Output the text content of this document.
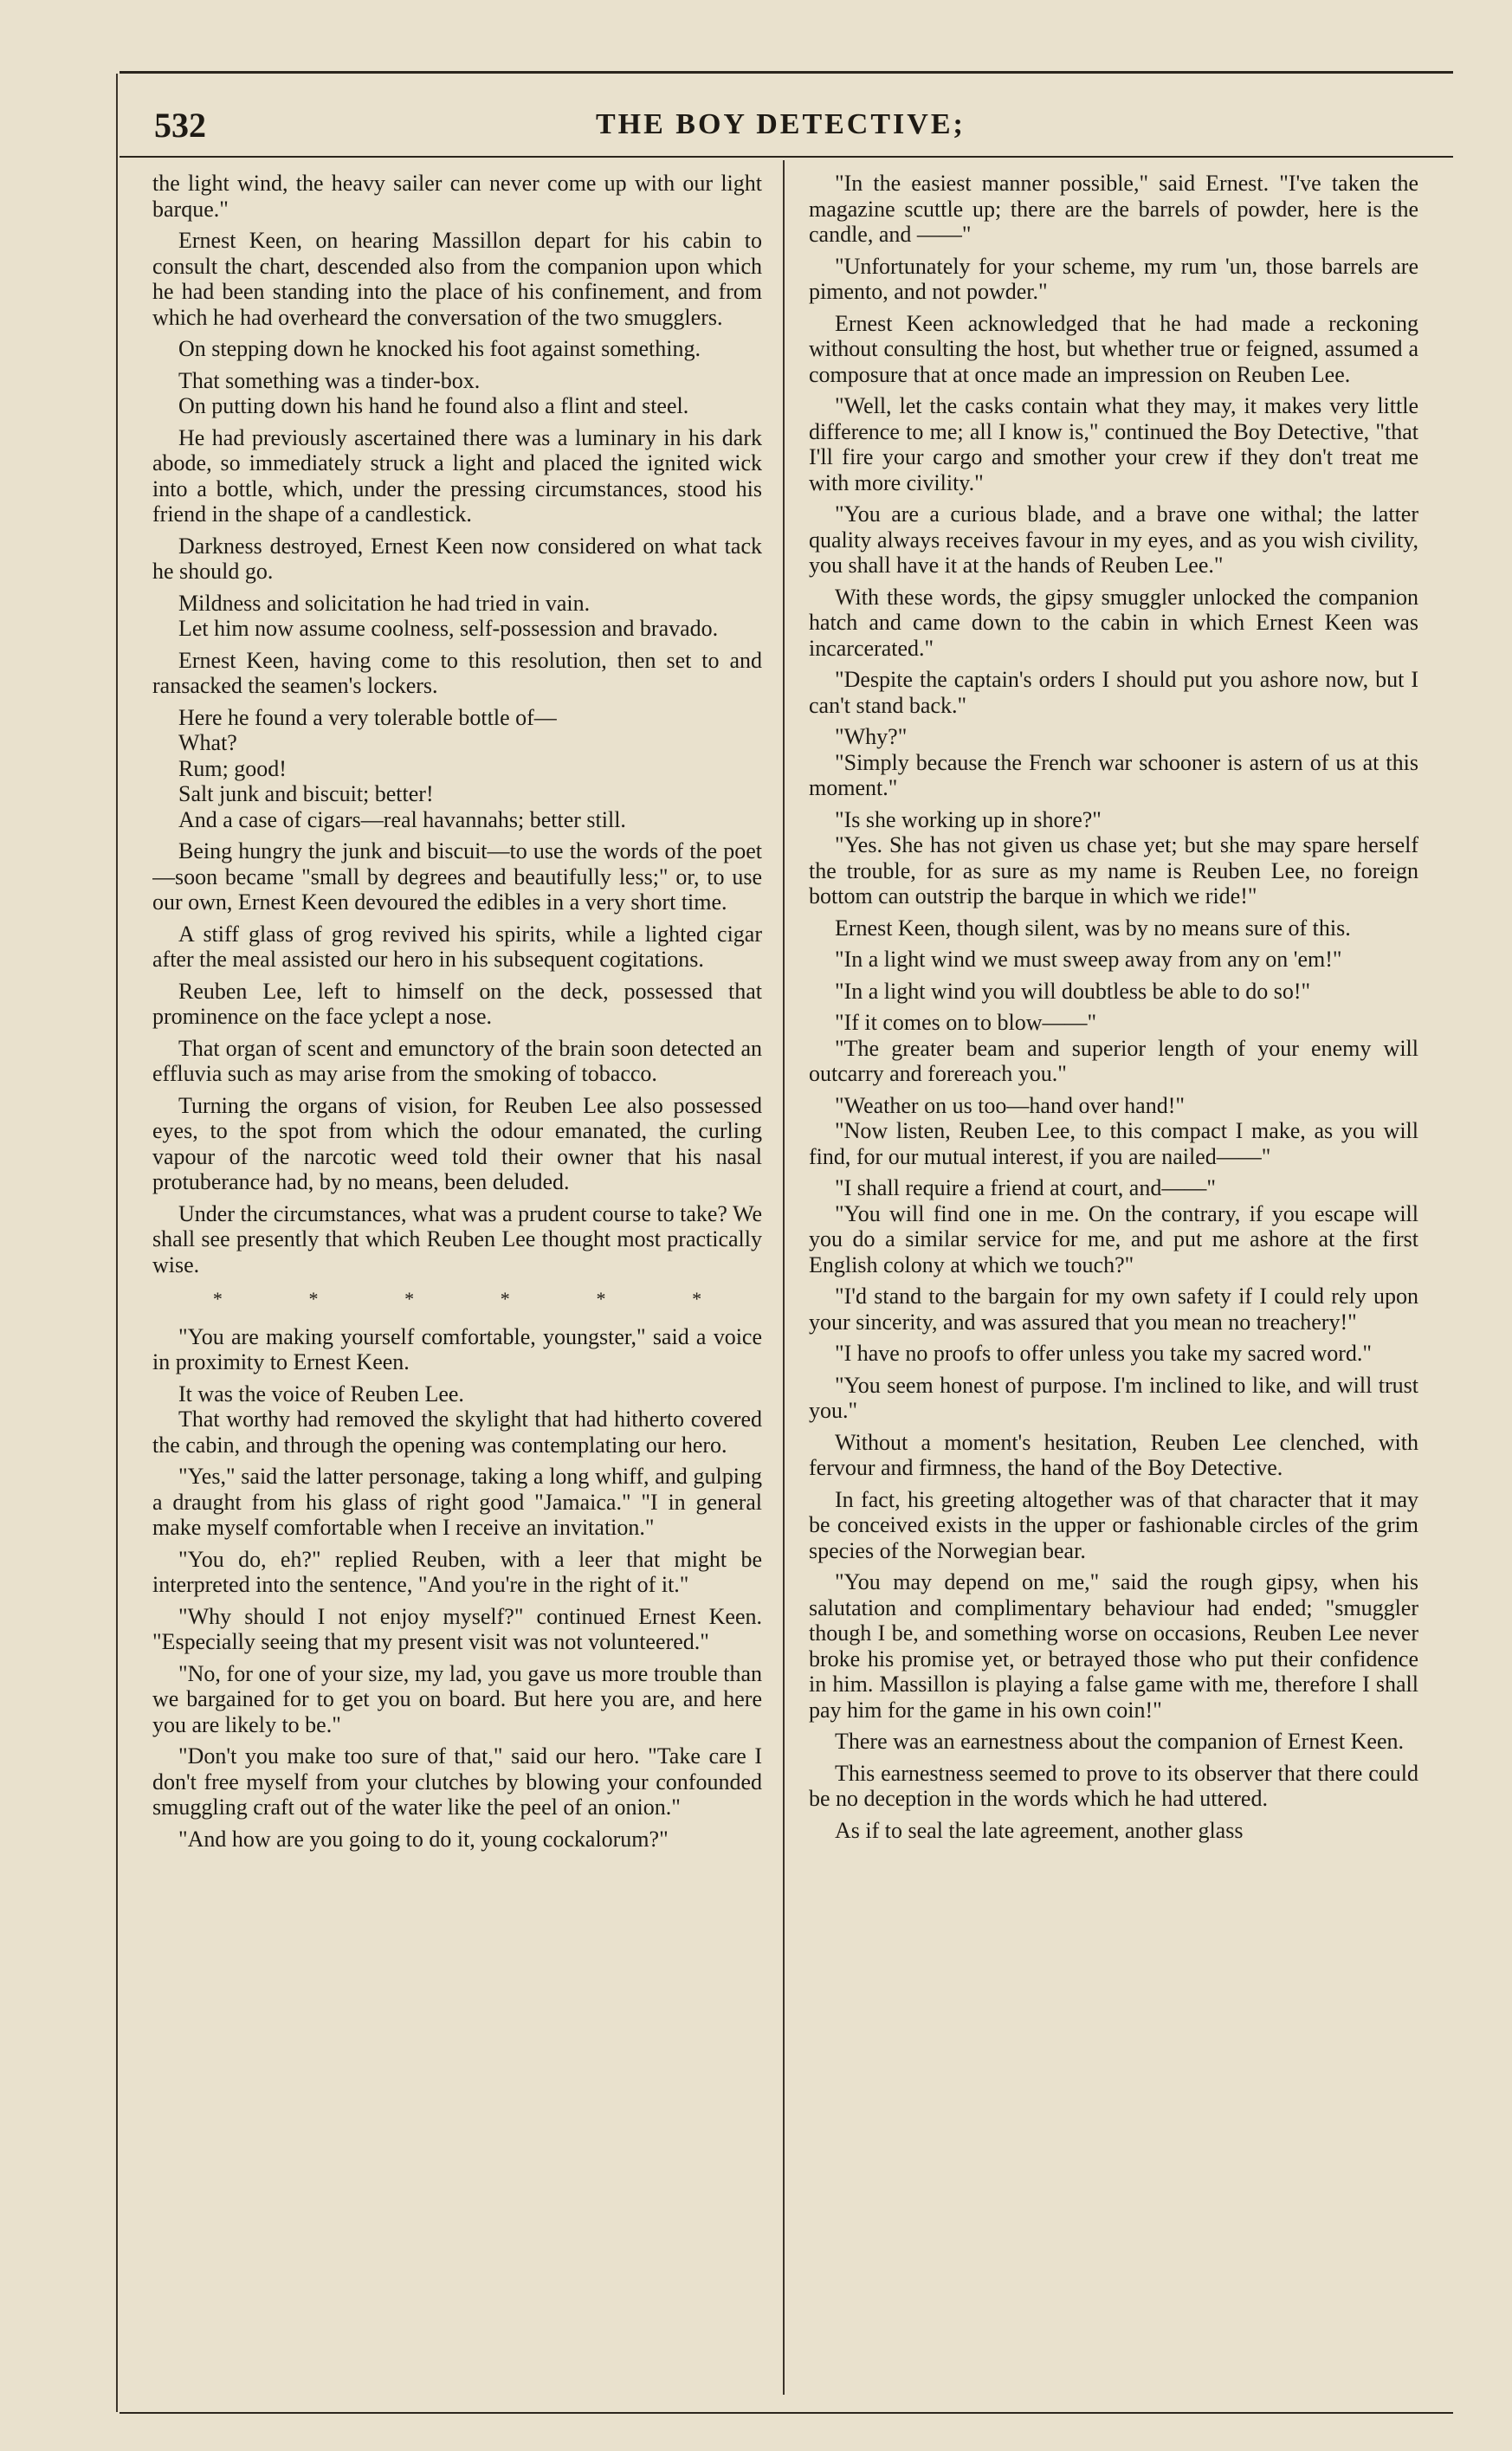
532	THE BOY DETECTIVE;

the light wind, the heavy sailer can never come up with our light barque."

Ernest Keen, on hearing Massillon depart for his cabin to consult the chart, descended also from the companion upon which he had been standing into the place of his confinement, and from which he had overheard the conversation of the two smugglers.

On stepping down he knocked his foot against something.

That something was a tinder-box.

On putting down his hand he found also a flint and steel.

He had previously ascertained there was a luminary in his dark abode, so immediately struck a light and placed the ignited wick into a bottle, which, under the pressing circumstances, stood his friend in the shape of a candlestick.

Darkness destroyed, Ernest Keen now considered on what tack he should go.

Mildness and solicitation he had tried in vain.

Let him now assume coolness, self-possession and bravado.

Ernest Keen, having come to this resolution, then set to and ransacked the seamen's lockers.

Here he found a very tolerable bottle of—

What?

Rum; good!

Salt junk and biscuit; better!

And a case of cigars—real havannahs; better still.

Being hungry the junk and biscuit—to use the words of the poet—soon became "small by degrees and beautifully less;" or, to use our own, Ernest Keen devoured the edibles in a very short time.

A stiff glass of grog revived his spirits, while a lighted cigar after the meal assisted our hero in his subsequent cogitations.

Reuben Lee, left to himself on the deck, possessed that prominence on the face yclept a nose.

That organ of scent and emunctory of the brain soon detected an effluvia such as may arise from the smoking of tobacco.

Turning the organs of vision, for Reuben Lee also possessed eyes, to the spot from which the odour emanated, the curling vapour of the narcotic weed told their owner that his nasal protuberance had, by no means, been deluded.

Under the circumstances, what was a prudent course to take? We shall see presently that which Reuben Lee thought most practically wise.

*	*	*	*	*	*

"You are making yourself comfortable, youngster," said a voice in proximity to Ernest Keen.

It was the voice of Reuben Lee.

That worthy had removed the skylight that had hitherto covered the cabin, and through the opening was contemplating our hero.

"Yes," said the latter personage, taking a long whiff, and gulping a draught from his glass of right good "Jamaica." "I in general make myself comfortable when I receive an invitation."

"You do, eh?" replied Reuben, with a leer that might be interpreted into the sentence, "And you're in the right of it."

"Why should I not enjoy myself?" continued Ernest Keen. "Especially seeing that my present visit was not volunteered."

"No, for one of your size, my lad, you gave us more trouble than we bargained for to get you on board. But here you are, and here you are likely to be."

"Don't you make too sure of that," said our hero. "Take care I don't free myself from your clutches by blowing your confounded smuggling craft out of the water like the peel of an onion."

"And how are you going to do it, young cockalorum?"

"In the easiest manner possible," said Ernest. "I've taken the magazine scuttle up; there are the barrels of powder, here is the candle, and ——"

"Unfortunately for your scheme, my rum 'un, those barrels are pimento, and not powder."

Ernest Keen acknowledged that he had made a reckoning without consulting the host, but whether true or feigned, assumed a composure that at once made an impression on Reuben Lee.

"Well, let the casks contain what they may, it makes very little difference to me; all I know is," continued the Boy Detective, "that I'll fire your cargo and smother your crew if they don't treat me with more civility."

"You are a curious blade, and a brave one withal; the latter quality always receives favour in my eyes, and as you wish civility, you shall have it at the hands of Reuben Lee."

With these words, the gipsy smuggler unlocked the companion hatch and came down to the cabin in which Ernest Keen was incarcerated."

"Despite the captain's orders I should put you ashore now, but I can't stand back."

"Why?"

"Simply because the French war schooner is astern of us at this moment."

"Is she working up in shore?"

"Yes. She has not given us chase yet; but she may spare herself the trouble, for as sure as my name is Reuben Lee, no foreign bottom can outstrip the barque in which we ride!"

Ernest Keen, though silent, was by no means sure of this.

"In a light wind we must sweep away from any on 'em!"

"In a light wind you will doubtless be able to do so!"

"If it comes on to blow——"

"The greater beam and superior length of your enemy will outcarry and forereach you."

"Weather on us too—hand over hand!"

"Now listen, Reuben Lee, to this compact I make, as you will find, for our mutual interest, if you are nailed——"

"I shall require a friend at court, and——"

"You will find one in me. On the contrary, if you escape will you do a similar service for me, and put me ashore at the first English colony at which we touch?"

"I'd stand to the bargain for my own safety if I could rely upon your sincerity, and was assured that you mean no treachery!"

"I have no proofs to offer unless you take my sacred word."

"You seem honest of purpose. I'm inclined to like, and will trust you."

Without a moment's hesitation, Reuben Lee clenched, with fervour and firmness, the hand of the Boy Detective.

In fact, his greeting altogether was of that character that it may be conceived exists in the upper or fashionable circles of the grim species of the Norwegian bear.

"You may depend on me," said the rough gipsy, when his salutation and complimentary behaviour had ended; "smuggler though I be, and something worse on occasions, Reuben Lee never broke his promise yet, or betrayed those who put their confidence in him. Massillon is playing a false game with me, therefore I shall pay him for the game in his own coin!"

There was an earnestness about the companion of Ernest Keen.

This earnestness seemed to prove to its observer that there could be no deception in the words which he had uttered.

As if to seal the late agreement, another glass
